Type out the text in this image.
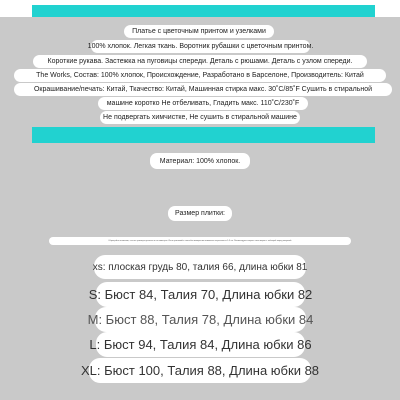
Платье с цветочным принтом и узелками
100% хлопок. Легкая ткань. Воротник рубашки с цветочным принтом.
Короткие рукава. Застежка на пуговицы спереди. Деталь с рюшами. Деталь с узлом спереди.
The Works, Состав: 100% хлопок, Происхождение, Разработано в Барселоне, Производитель: Китай
Окрашивание/печать: Китай, Ткачество: Китай, Машинная стирка макс. 30˚C/85˚F Сушить в стиральной
машине коротко Не отбеливать, Гладить макс. 110˚C/230˚F
Не подвергать химчистке, Не сушить в стиральной машине
Материал: 100% хлопок.
Размер плитки:
Обращайте внимание, что все размеры указаны в сантиметрах. Из-за различий в способах измерения возможны погрешности 1-3 см. Рекомендуем сверять свои мерки с таблицей перед покупкой.
xs: плоская грудь 80, талия 66, длина юбки 81
S: Бюст 84, Талия 70, Длина юбки 82
M: Бюст 88, Талия 78, Длина юбки 84
L: Бюст 94, Талия 84, Длина юбки 86
XL: Бюст 100, Талия 88, Длина юбки 88
